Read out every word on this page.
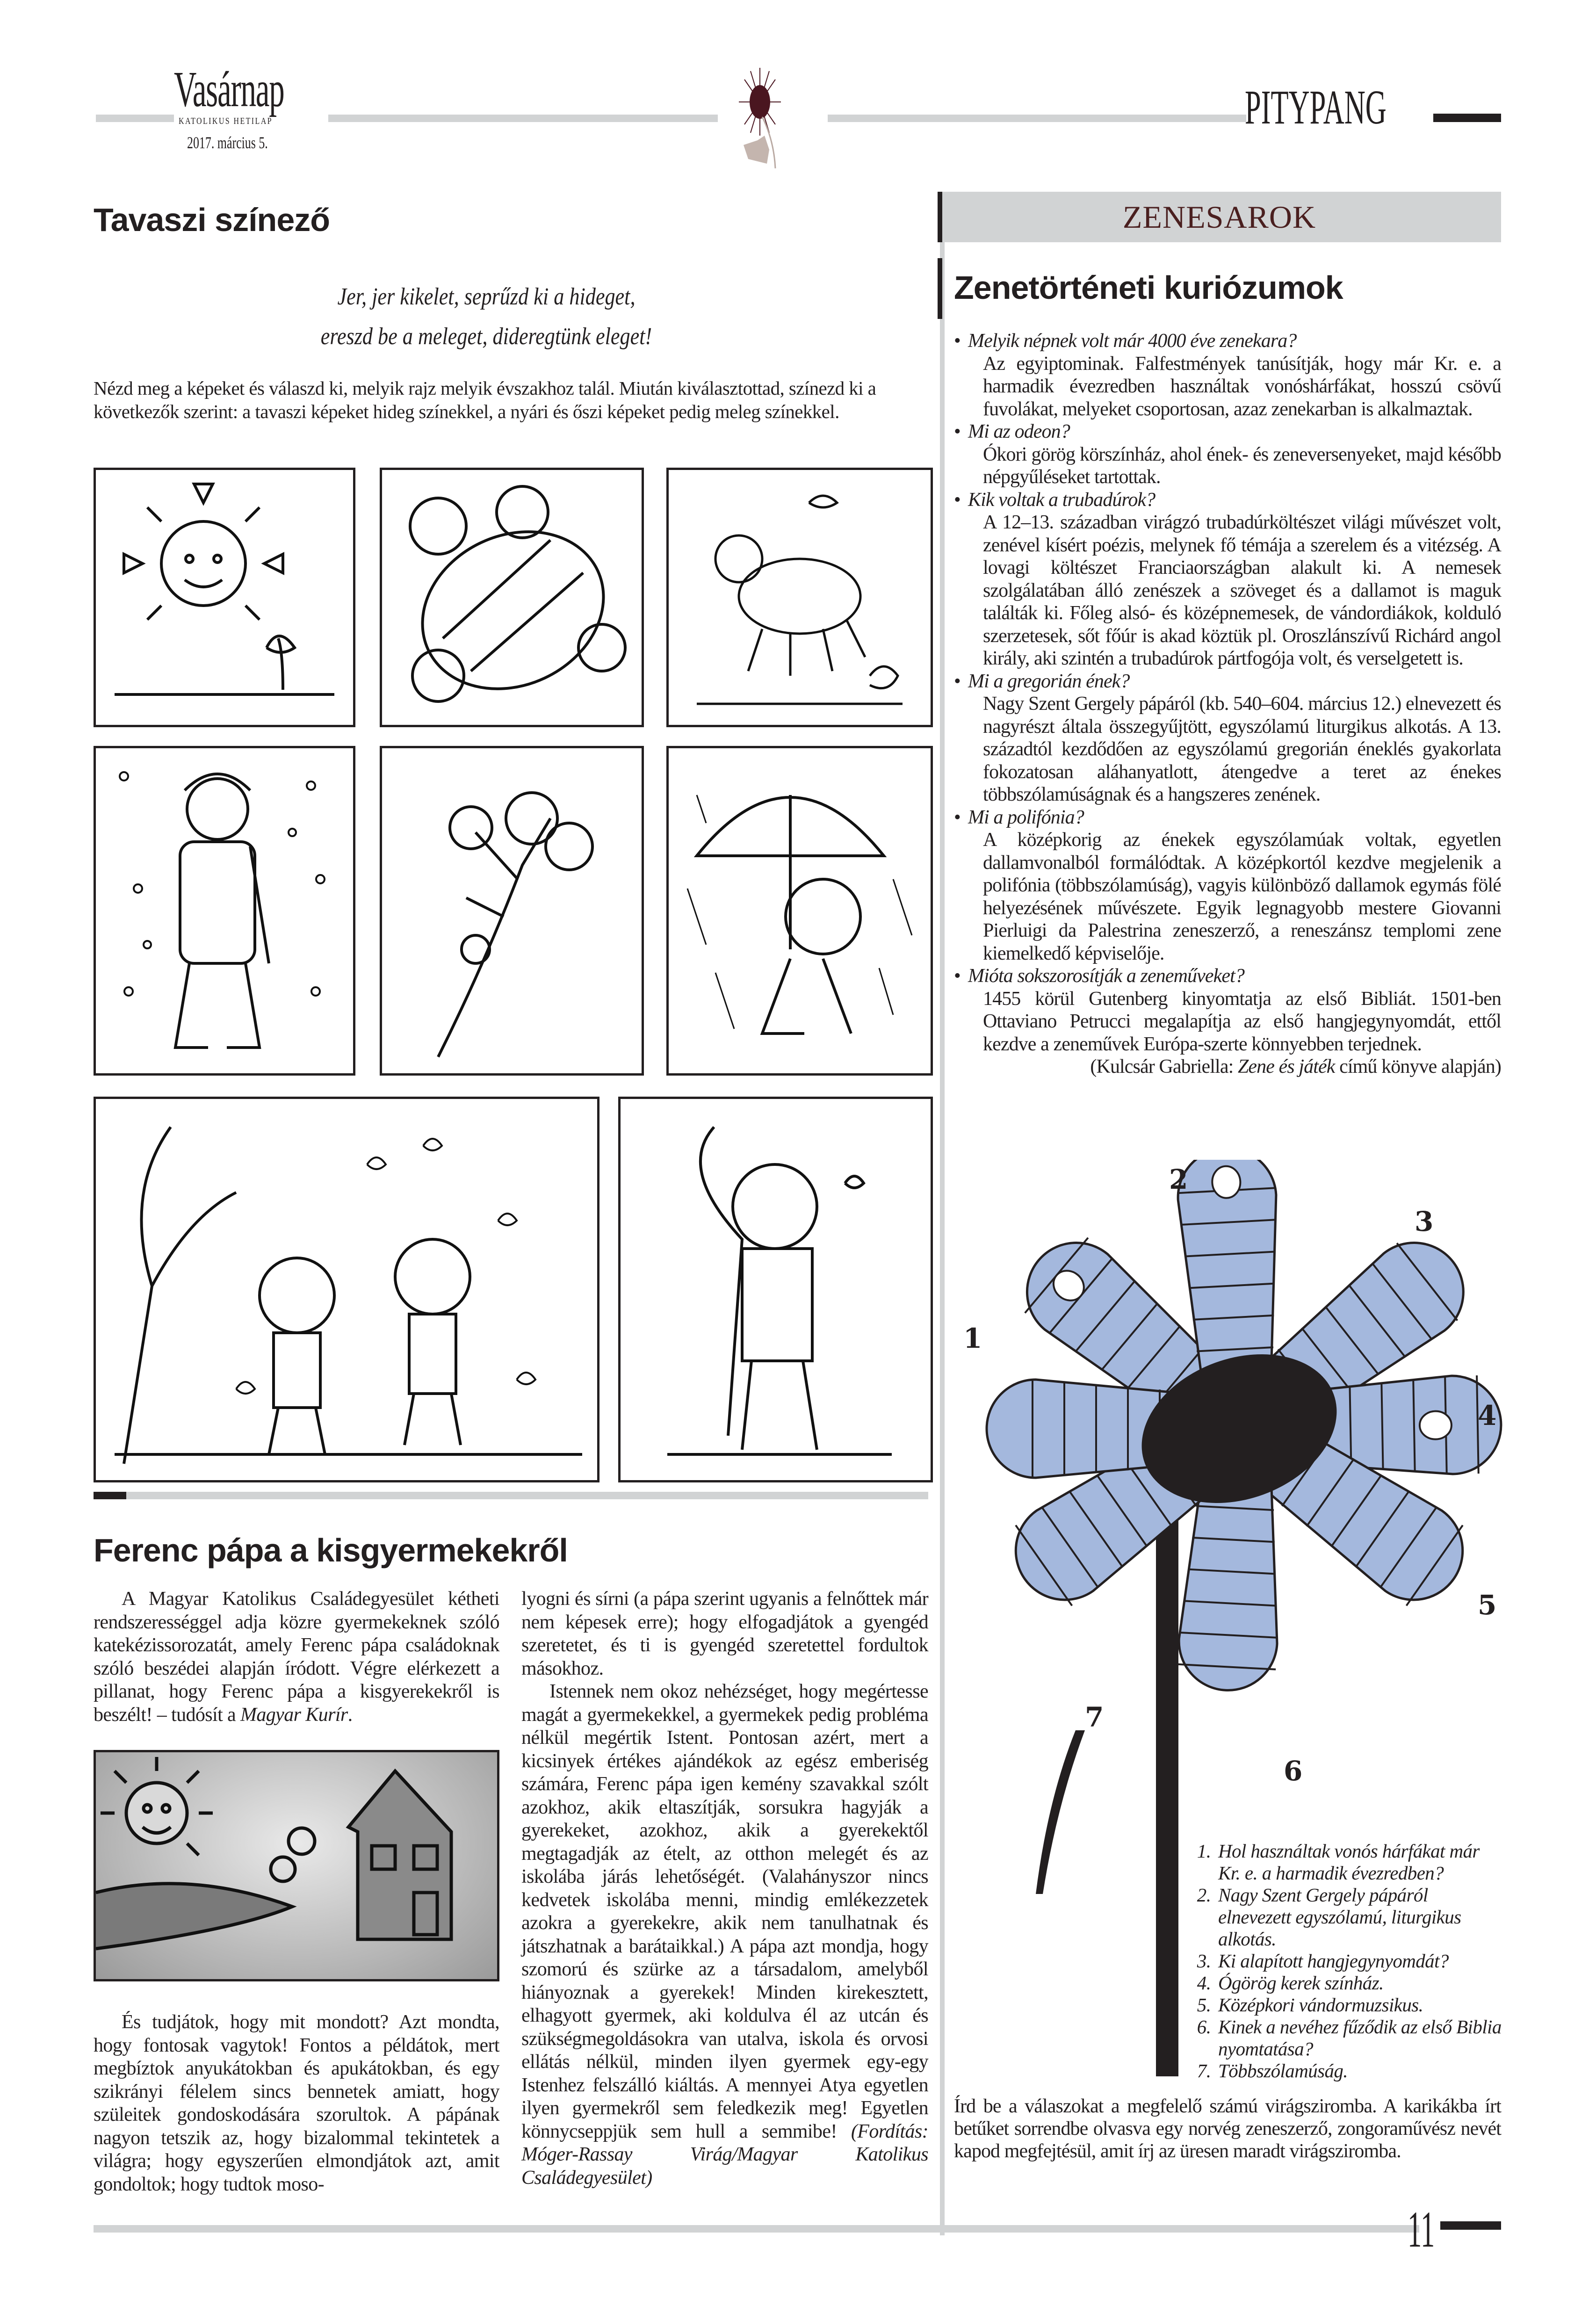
Vasárnap
KATOLIKUS HETILAP
2017. március 5.
PITYPANG
Tavaszi színező
Jer, jer kikelet, seprűzd ki a hideget,
ereszd be a meleget, dideregtünk eleget!
Nézd meg a képeket és válaszd ki, melyik rajz melyik évszakhoz talál. Miután kiválasztottad, színezd ki a következők szerint: a tavaszi képeket hideg színekkel, a nyári és őszi képeket pedig meleg színekkel.
Ferenc pápa a kisgyermekekről

A Magyar Katolikus Családegyesület kétheti rendszerességgel adja közre gyermekeknek szóló katekézissorozatát, amely Ferenc pápa családoknak szóló beszédei alapján íródott. Végre elérkezett a pillanat, hogy Ferenc pápa a kisgyerekekről is beszélt! – tudósít a Magyar Kurír.

És tudjátok, hogy mit mondott? Azt mondta, hogy fontosak vagytok! Fontos a példátok, mert megbíztok anyukátokban és apukátokban, és egy szikrányi félelem sincs bennetek amiatt, hogy szüleitek gondoskodására szorultok. A pápának nagyon tetszik az, hogy bizalommal tekintetek a világra; hogy egyszerűen elmondjátok azt, amit gondoltok; hogy tudtok moso-

lyogni és sírni (a pápa szerint ugyanis a felnőttek már nem képesek erre); hogy elfogadjátok a gyengéd szeretetet, és ti is gyengéd szeretettel fordultok másokhoz.

Istennek nem okoz nehézséget, hogy megértesse magát a gyermekekkel, a gyermekek pedig probléma nélkül megértik Istent. Pontosan azért, mert a kicsinyek értékes ajándékok az egész emberiség számára, Ferenc pápa igen kemény szavakkal szólt azokhoz, akik eltaszítják, sorsukra hagyják a gyerekeket, azokhoz, akik a gyerekektől megtagadják az ételt, az otthon melegét és az iskolába járás lehetőségét. (Valahányszor nincs kedvetek iskolába menni, mindig emlékezzetek azokra a gyerekekre, akik nem tanulhatnak és játszhatnak a barátaikkal.) A pápa azt mondja, hogy szomorú és szürke az a társadalom, amelyből hiányoznak a gyerekek! Minden kirekesztett, elhagyott gyermek, aki koldulva él az utcán és szükségmegoldásokra van utalva, iskola és orvosi ellátás nélkül, minden ilyen gyermek egy-egy Istenhez felszálló kiáltás. A mennyei Atya egyetlen ilyen gyermekről sem feledkezik meg! Egyetlen könnycseppjük sem hull a semmibe! (Fordítás: Móger-Rassay Virág/Magyar Katolikus Családegyesület)

ZENESAROK
Zenetörténeti kuriózumok
• Melyik népnek volt már 4000 éve zenekara?

Az egyiptominak. Falfestmények tanúsítják, hogy már Kr. e. a harmadik évezredben használtak vonóshárfákat, hosszú csövű fuvolákat, melyeket csoportosan, azaz zenekarban is alkalmaztak.

• Mi az odeon?

Ókori görög körszínház, ahol ének- és zeneversenyeket, majd később népgyűléseket tartottak.

• Kik voltak a trubadúrok?

A 12–13. században virágzó trubadúrköltészet világi művészet volt, zenével kísért poézis, melynek fő témája a szerelem és a vitézség. A lovagi költészet Franciaországban alakult ki. A nemesek szolgálatában álló zenészek a szöveget és a dallamot is maguk találták ki. Főleg alsó- és középnemesek, de vándordiákok, kolduló szerzetesek, sőt főúr is akad köztük pl. Oroszlánszívű Richárd angol király, aki szintén a trubadúrok pártfogója volt, és verselgetett is.

• Mi a gregorián ének?

Nagy Szent Gergely pápáról (kb. 540–604. március 12.) elnevezett és nagyrészt általa összegyűjtött, egyszólamú liturgikus alkotás. A 13. századtól kezdődően az egyszólamú gregorián éneklés gyakorlata fokozatosan aláhanyatlott, átengedve a teret az énekes többszólamúságnak és a hangszeres zenének.

• Mi a polifónia?

A középkorig az énekek egyszólamúak voltak, egyetlen dallamvonalból formálódtak. A középkortól kezdve megjelenik a polifónia (többszólamúság), vagyis különböző dallamok egymás fölé helyezésének művészete. Egyik legnagyobb mestere Giovanni Pierluigi da Palestrina zeneszerző, a reneszánsz templomi zene kiemelkedő képviselője.

• Mióta sokszorosítják a zeneműveket?

1455 körül Gutenberg kinyomtatja az első Bibliát. 1501-ben Ottaviano Petrucci megalapítja az első hangjegynyomdát, ettől kezdve a zeneművek Európa-szerte könnyebben terjednek.

(Kulcsár Gabriella: Zene és játék című könyve alapján)
1
2
3
4
5
6
7
1. Hol használtak vonós hárfákat már Kr. e. a harmadik évezredben?
2. Nagy Szent Gergely pápáról elnevezett egyszólamú, liturgikus alkotás.
3. Ki alapított hangjegynyomdát?
4. Ógörög kerek színház.
5. Középkori vándormuzsikus.
6. Kinek a nevéhez fűződik az első Biblia nyomtatása?
7. Többszólamúság.

Írd be a válaszokat a megfelelő számú virágsziromba. A karikákba írt betűket sorrendbe olvasva egy norvég zeneszerző, zongoraművész nevét kapod megfejtésül, amit írj az üresen maradt virágsziromba.

11
